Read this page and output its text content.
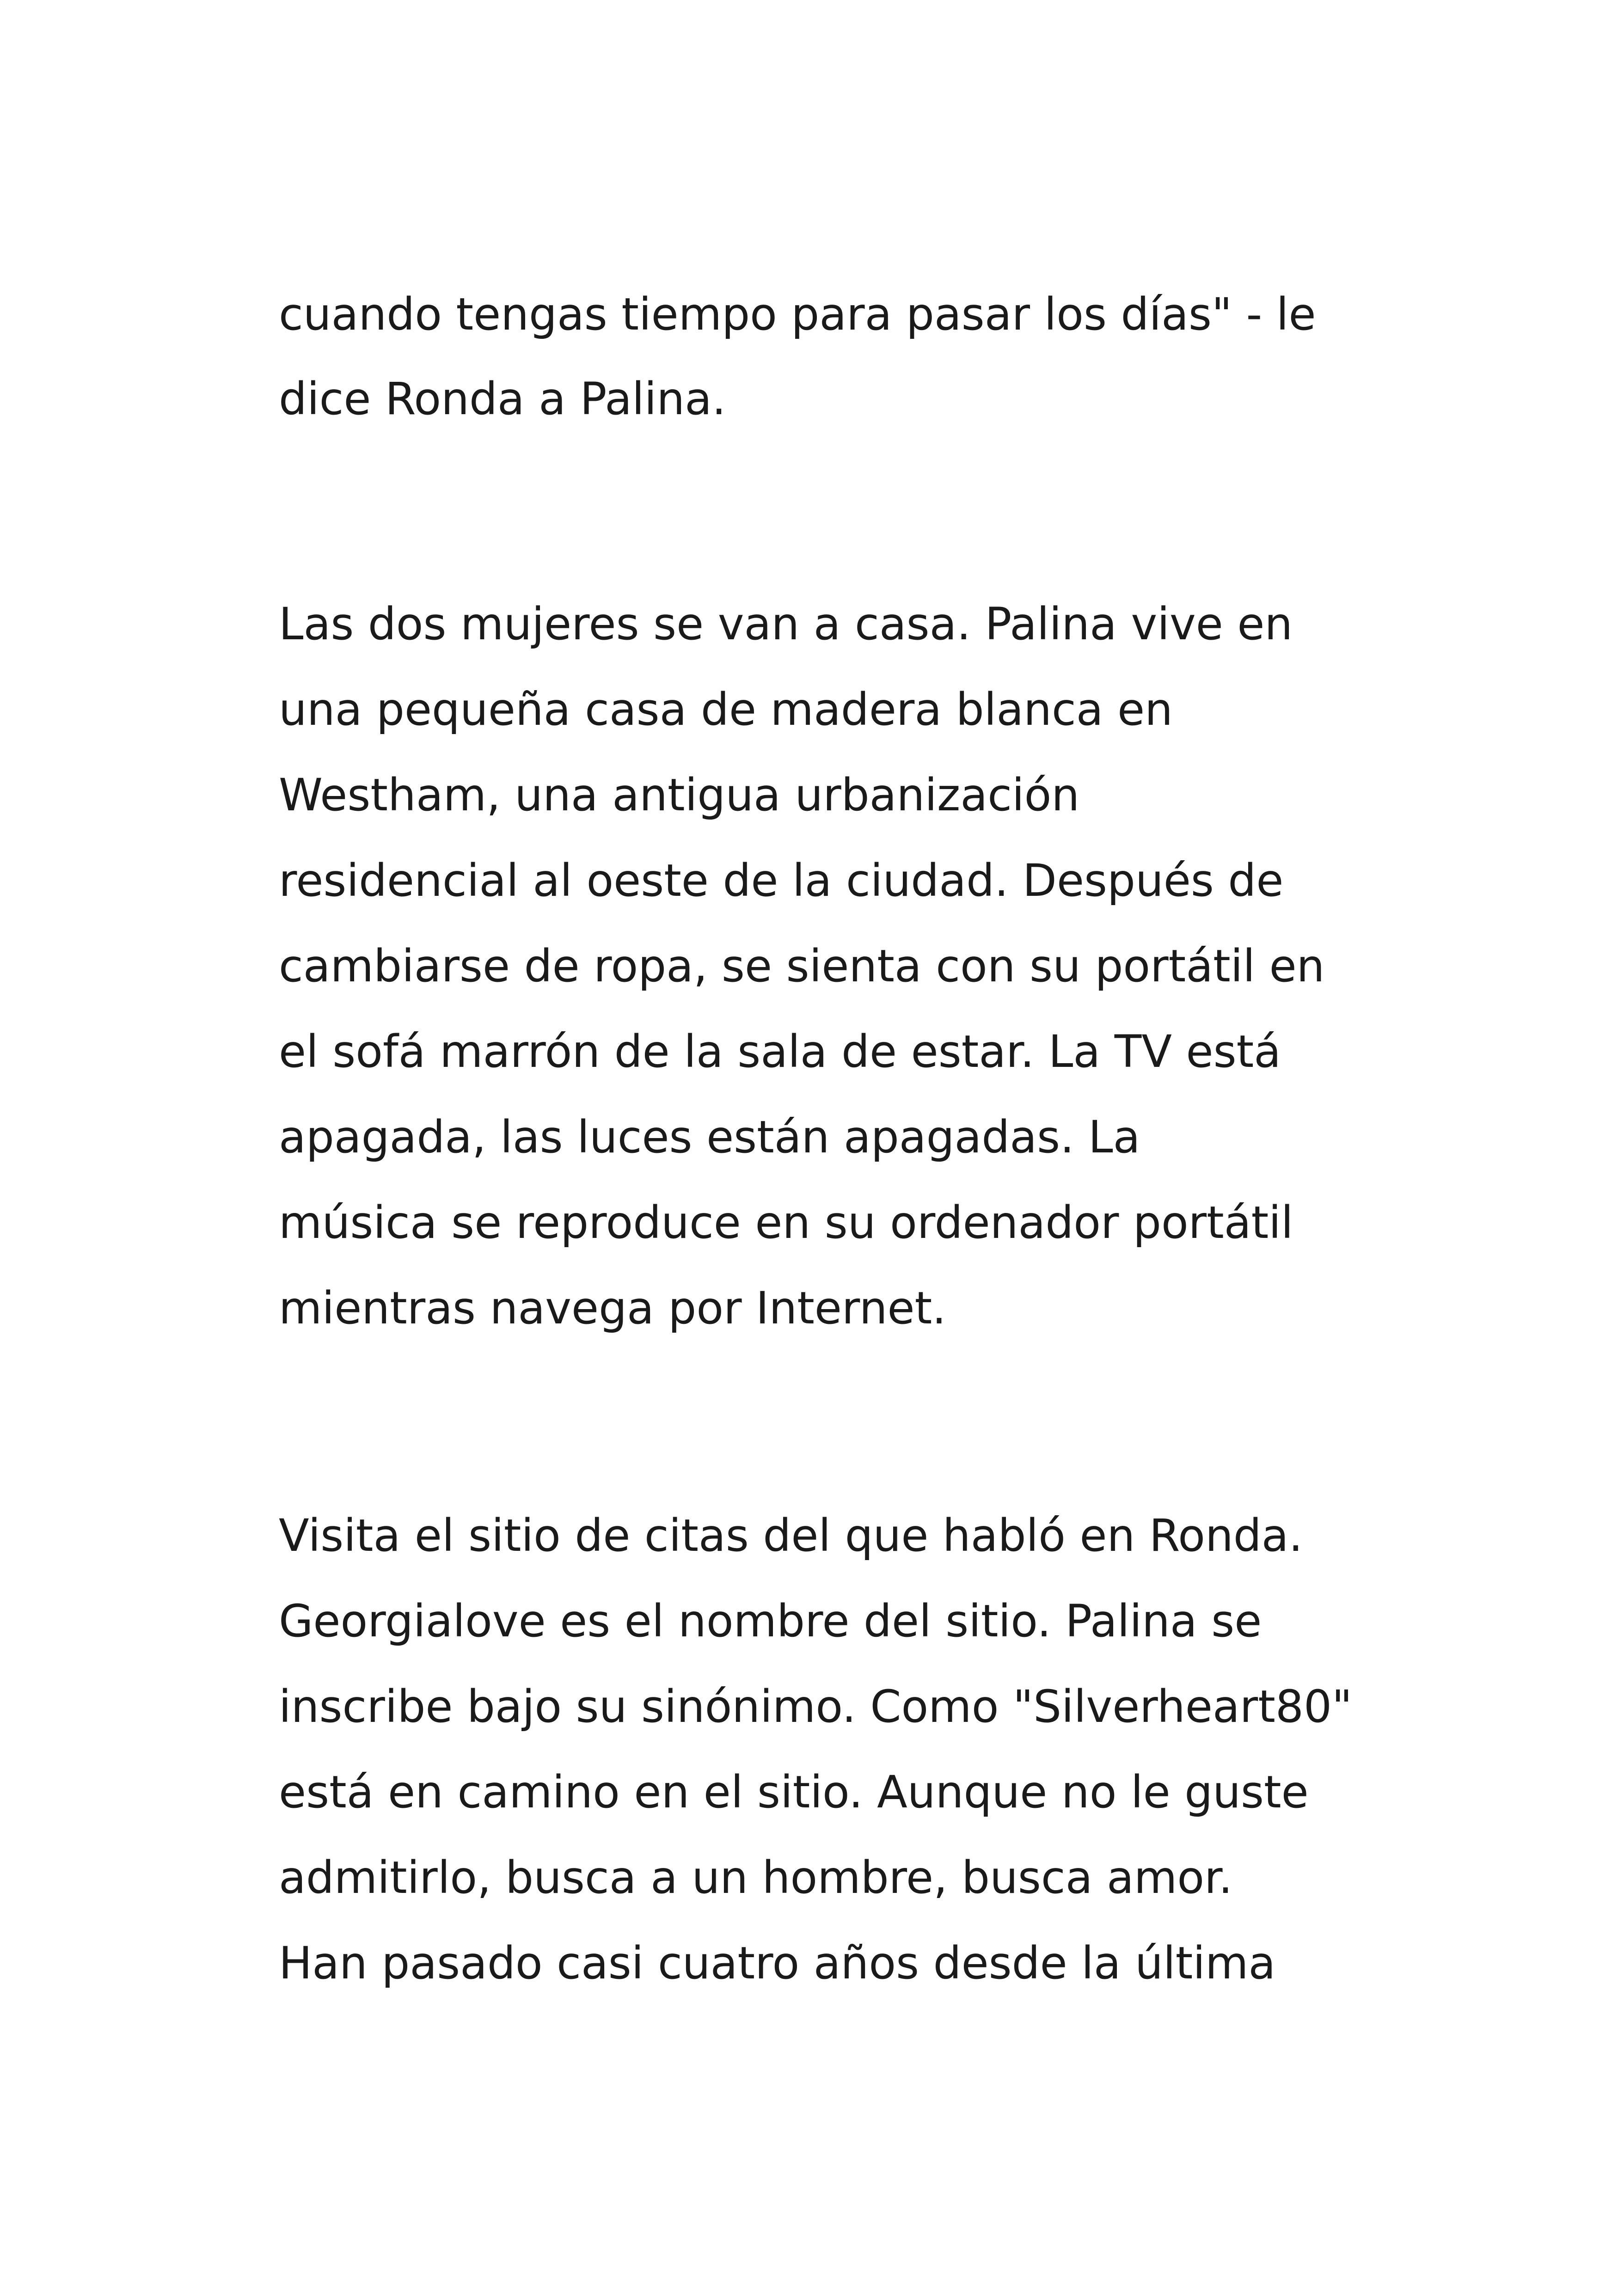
cuando tengas tiempo para pasar los días" - le
dice Ronda a Palina.
Las dos mujeres se van a casa. Palina vive en
una pequeña casa de madera blanca en
Westham, una antigua urbanización
residencial al oeste de la ciudad. Después de
cambiarse de ropa, se sienta con su portátil en
el sofá marrón de la sala de estar. La TV está
apagada, las luces están apagadas. La
música se reproduce en su ordenador portátil
mientras navega por Internet.
Visita el sitio de citas del que habló en Ronda.
Georgialove es el nombre del sitio. Palina se
inscribe bajo su sinónimo. Como "Silverheart80"
está en camino en el sitio. Aunque no le guste
admitirlo, busca a un hombre, busca amor.
Han pasado casi cuatro años desde la última
